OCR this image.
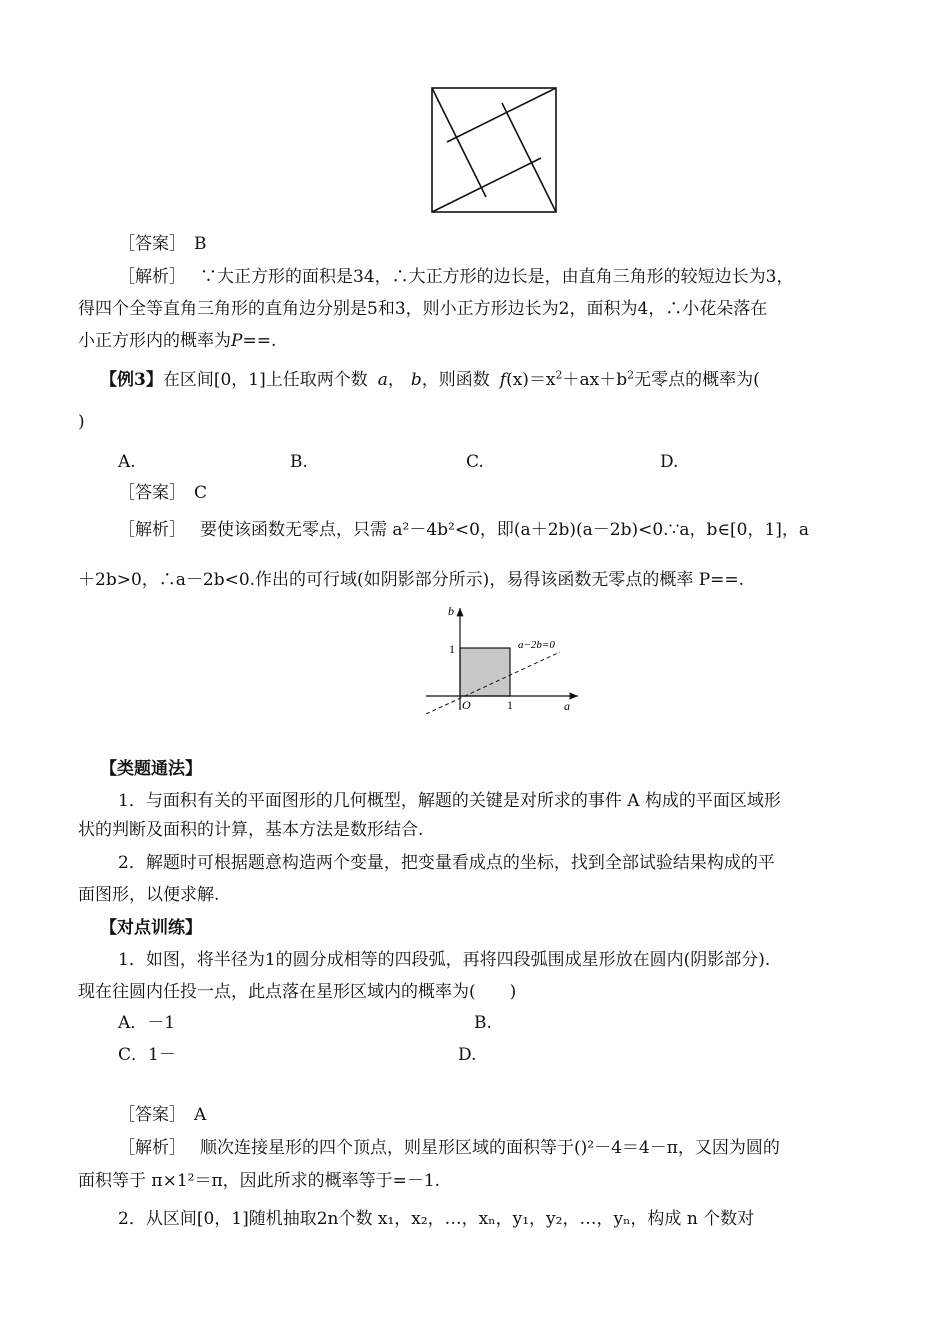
［答案］ B
［解析］ ∵大正方形的面积是34，∴大正方形的边长是，由直角三角形的较短边长为3，
得四个全等直角三角形的直角边分别是5和3，则小正方形边长为2，面积为4，∴小花朵落在
小正方形内的概率为P==.
【例3】在区间[0，1]上任取两个数 a， b，则函数 $f(x)=x^2+ax+b^2$无零点的概率为(
)
A.	B.	C.	D.
［答案］ C
［解析］ 要使该函数无零点，只需 a²－4b²<0，即(a＋2b)(a－2b)<0.∵a，b∈[0，1]，a
＋2b>0，∴a－2b<0.作出的可行域(如阴影部分所示)，易得该函数无零点的概率 P==.
b
a
O
1
1
a−2b=0
【类题通法】
1．与面积有关的平面图形的几何概型，解题的关键是对所求的事件 A 构成的平面区域形
状的判断及面积的计算，基本方法是数形结合.
2．解题时可根据题意构造两个变量，把变量看成点的坐标，找到全部试验结果构成的平
面图形，以便求解.
【对点训练】
1．如图，将半径为1的圆分成相等的四段弧，再将四段弧围成星形放在圆内(阴影部分).
现在往圆内任投一点，此点落在星形区域内的概率为(　　)
A．－1	B.
C．1－	D.
［答案］ A
［解析］ 顺次连接星形的四个顶点，则星形区域的面积等于()²－4＝4－π，又因为圆的
面积等于 π×1²＝π，因此所求的概率等于=－1.
2．从区间[0，1]随机抽取2n个数 x₁，x₂，…，xₙ，y₁，y₂，…，yₙ，构成 n 个数对
